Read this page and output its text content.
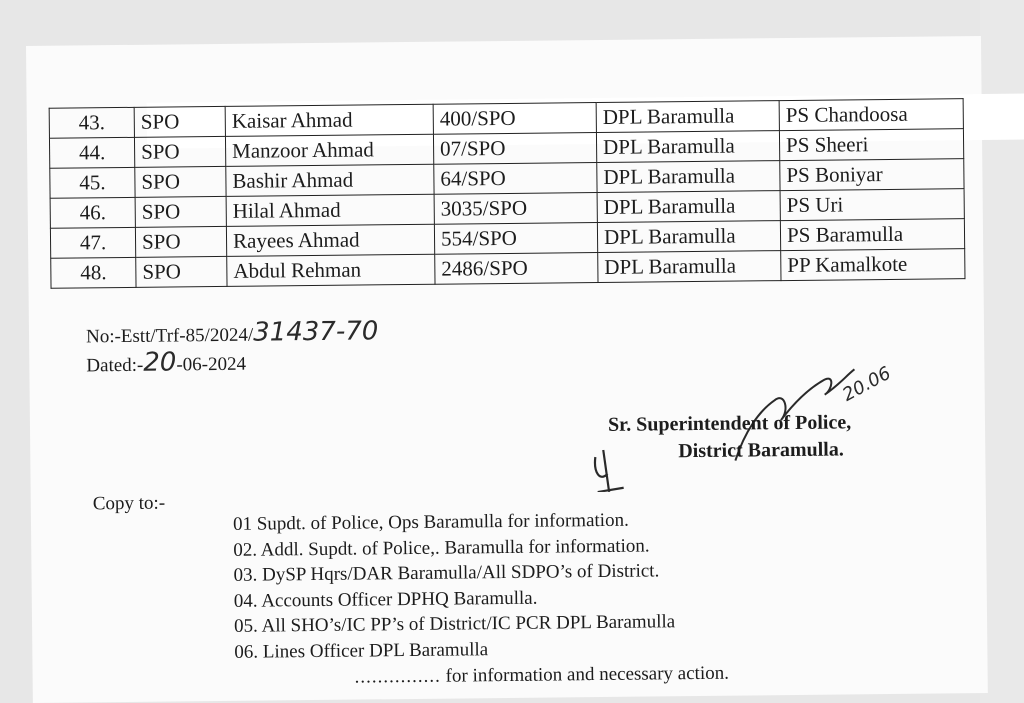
43.	SPO	Kaisar Ahmad	400/SPO	DPL Baramulla	PS Chandoosa
44.	SPO	Manzoor Ahmad	07/SPO	DPL Baramulla	PS Sheeri
45.	SPO	Bashir Ahmad	64/SPO	DPL Baramulla	PS Boniyar
46.	SPO	Hilal Ahmad	3035/SPO	DPL Baramulla	PS Uri
47.	SPO	Rayees Ahmad	554/SPO	DPL Baramulla	PS Baramulla
48.	SPO	Abdul Rehman	2486/SPO	DPL Baramulla	PP Kamalkote
No:-Estt/Trf-85/2024/31437-70
Dated:-20-06-2024	20.06
Sr. Superintendent of Police,
District Baramulla.
Copy to:-
01 Supdt. of Police, Ops Baramulla for information.
02. Addl. Supdt. of Police,. Baramulla for information.
03. DySP Hqrs/DAR Baramulla/All SDPO’s of District.
04. Accounts Officer DPHQ Baramulla.
05. All SHO’s/IC PP’s of District/IC PCR DPL Baramulla
06. Lines Officer DPL Baramulla
............... for information and necessary action.
